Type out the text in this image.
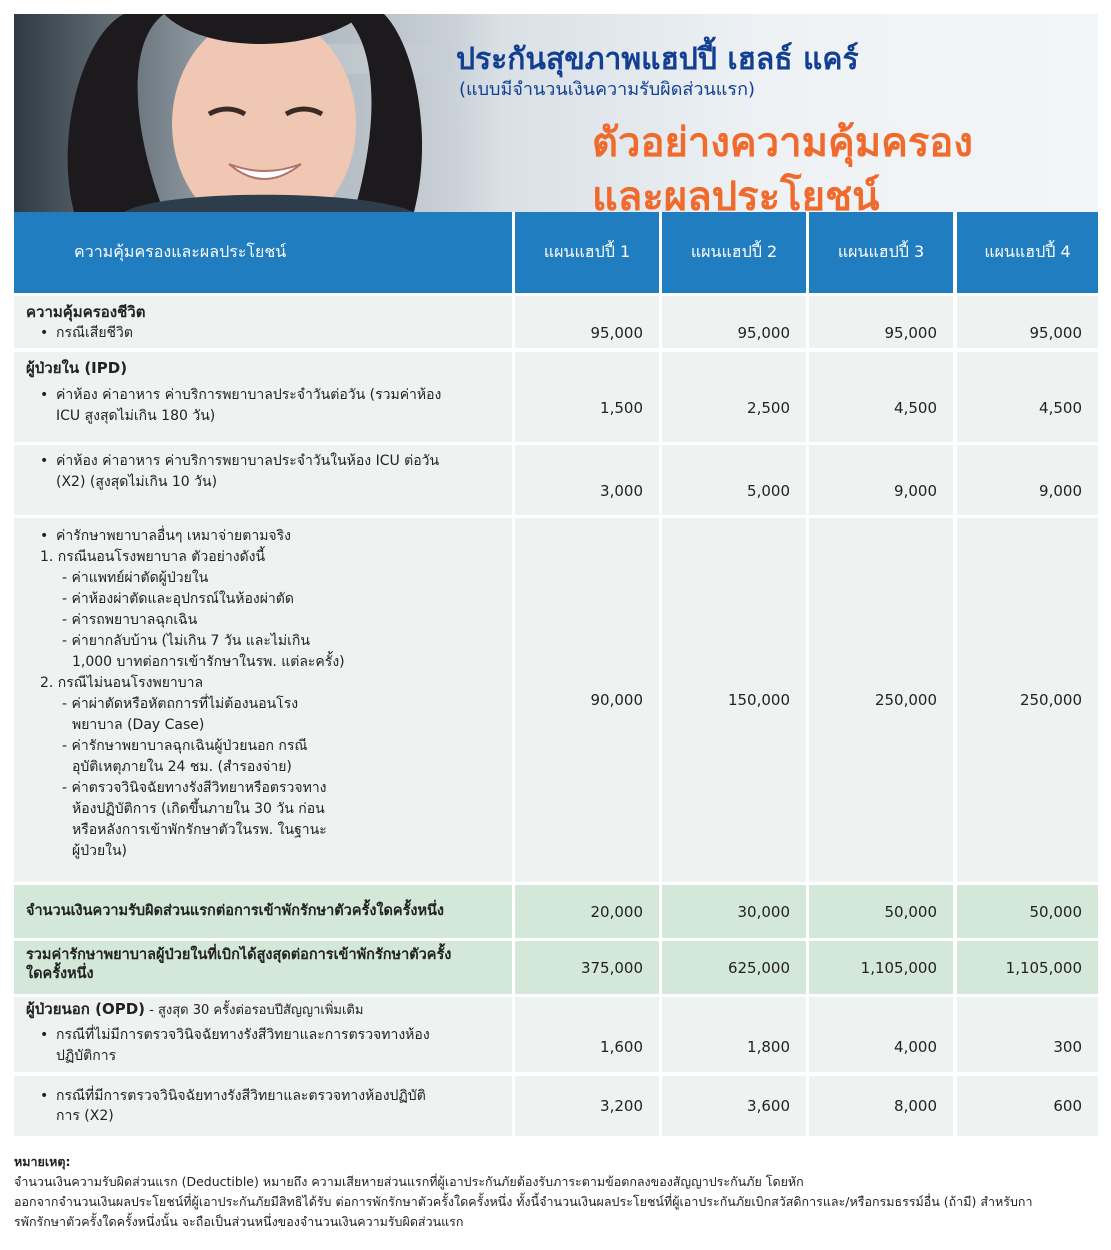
ประกันสุขภาพแฮปปี้ เฮลธ์ แคร์
(แบบมีจำนวนเงินความรับผิดส่วนแรก)
ตัวอย่างความคุ้มครอง
และผลประโยชน์
ความคุ้มครองและผลประโยชน์	แผนแฮปปี้ 1	แผนแฮปปี้ 2	แผนแฮปปี้ 3	แผนแฮปปี้ 4
ความคุ้มครองชีวิต
• กรณีเสียชีวิต	95,000	95,000	95,000	95,000
ผู้ป่วยใน (IPD)
• ค่าห้อง ค่าอาหาร ค่าบริการพยาบาลประจำวันต่อวัน (รวมค่าห้อง
ICU สูงสุดไม่เกิน 180 วัน)	1,500	2,500	4,500	4,500
• ค่าห้อง ค่าอาหาร ค่าบริการพยาบาลประจำวันในห้อง ICU ต่อวัน
(X2) (สูงสุดไม่เกิน 10 วัน)	3,000	5,000	9,000	9,000
• ค่ารักษาพยาบาลอื่นๆ เหมาจ่ายตามจริง
1. กรณีนอนโรงพยาบาล ตัวอย่างดังนี้
- ค่าแพทย์ผ่าตัดผู้ป่วยใน
- ค่าห้องผ่าตัดและอุปกรณ์ในห้องผ่าตัด
- ค่ารถพยาบาลฉุกเฉิน
- ค่ายากลับบ้าน (ไม่เกิน 7 วัน และไม่เกิน
1,000 บาทต่อการเข้ารักษาในรพ. แต่ละครั้ง)
2. กรณีไม่นอนโรงพยาบาล
- ค่าผ่าตัดหรือหัตถการที่ไม่ต้องนอนโรง
พยาบาล (Day Case)
- ค่ารักษาพยาบาลฉุกเฉินผู้ป่วยนอก กรณี
อุบัติเหตุภายใน 24 ชม. (สำรองจ่าย)
- ค่าตรวจวินิจฉัยทางรังสีวิทยาหรือตรวจทาง
ห้องปฏิบัติการ (เกิดขึ้นภายใน 30 วัน ก่อน
หรือหลังการเข้าพักรักษาตัวในรพ. ในฐานะ
ผู้ป่วยใน)
90,000	150,000	250,000	250,000
จำนวนเงินความรับผิดส่วนแรกต่อการเข้าพักรักษาตัวครั้งใดครั้งหนึ่ง	20,000	30,000	50,000	50,000
รวมค่ารักษาพยาบาลผู้ป่วยในที่เบิกได้สูงสุดต่อการเข้าพักรักษาตัวครั้ง
ใดครั้งหนึ่ง	375,000	625,000	1,105,000	1,105,000
ผู้ป่วยนอก (OPD) - สูงสุด 30 ครั้งต่อรอบปีสัญญาเพิ่มเติม
• กรณีที่ไม่มีการตรวจวินิจฉัยทางรังสีวิทยาและการตรวจทางห้อง
ปฏิบัติการ
1,600	1,800	4,000	300
• กรณีที่มีการตรวจวินิจฉัยทางรังสีวิทยาและตรวจทางห้องปฏิบัติ
การ (X2)
3,200	3,600	8,000	600
หมายเหตุ:
จำนวนเงินความรับผิดส่วนแรก (Deductible) หมายถึง ความเสียหายส่วนแรกที่ผู้เอาประกันภัยต้องรับภาระตามข้อตกลงของสัญญาประกันภัย โดยหัก
ออกจากจำนวนเงินผลประโยชน์ที่ผู้เอาประกันภัยมีสิทธิได้รับ ต่อการพักรักษาตัวครั้งใดครั้งหนึ่ง ทั้งนี้จำนวนเงินผลประโยชน์ที่ผู้เอาประกันภัยเบิกสวัสดิการและ/หรือกรมธรรม์อื่น (ถ้ามี) สำหรับกา
รพักรักษาตัวครั้งใดครั้งหนึ่งนั้น จะถือเป็นส่วนหนึ่งของจำนวนเงินความรับผิดส่วนแรก
